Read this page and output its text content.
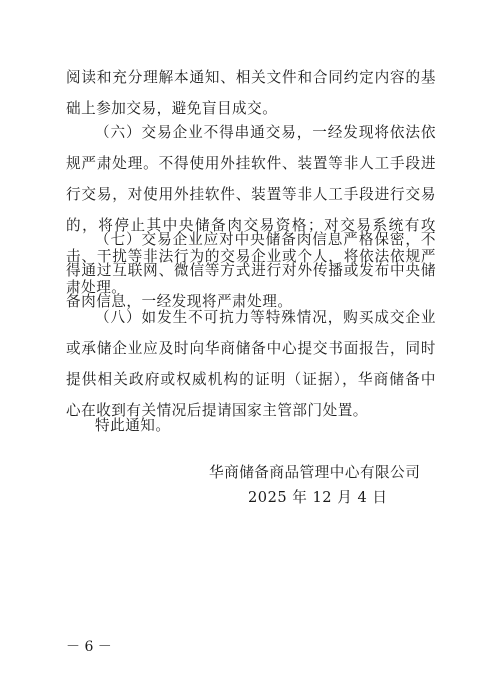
阅读和充分理解本通知、相关文件和合同约定内容的基础上参加交易，避免盲目成交。

（六）交易企业不得串通交易，一经发现将依法依规严肃处理。不得使用外挂软件、装置等非人工手段进行交易，对使用外挂软件、装置等非人工手段进行交易的，将停止其中央储备肉交易资格；对交易系统有攻击、干扰等非法行为的交易企业或个人，将依法依规严肃处理。

（七）交易企业应对中央储备肉信息严格保密，不得通过互联网、微信等方式进行对外传播或发布中央储备肉信息，一经发现将严肃处理。

（八）如发生不可抗力等特殊情况，购买成交企业或承储企业应及时向华商储备中心提交书面报告，同时提供相关政府或权威机构的证明（证据），华商储备中心在收到有关情况后提请国家主管部门处置。

特此通知。

华商储备商品管理中心有限公司

2025 年 12 月 4 日

－ 6 －
